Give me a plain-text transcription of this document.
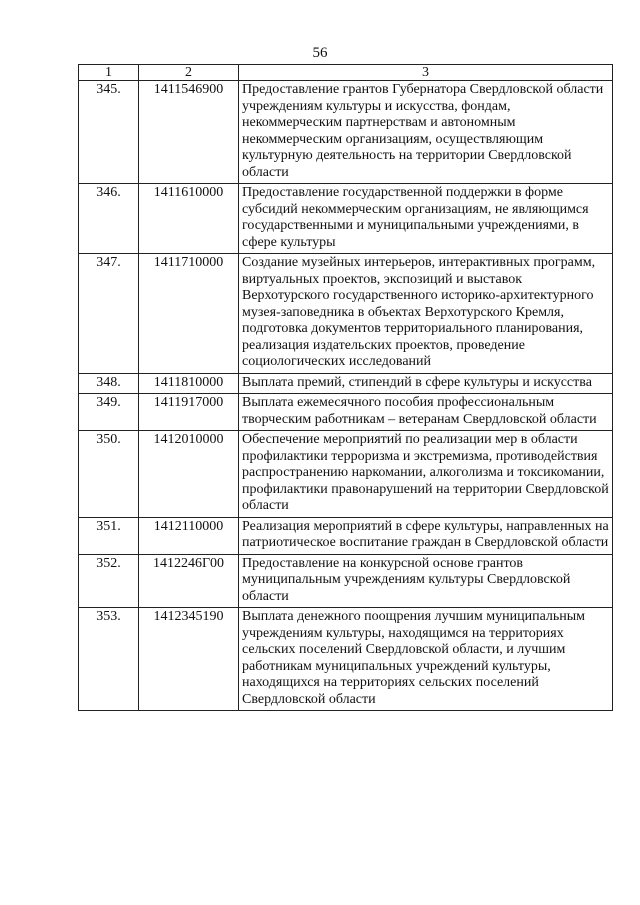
56
1	2	3
345.	1411546900	Предоставление грантов Губернатора Свердловской области учреждениям культуры и искусства, фондам, некоммерческим партнерствам и автономным некоммерческим организациям, осуществляющим культурную деятельность на территории Свердловской области
346.	1411610000	Предоставление государственной поддержки в форме субсидий некоммерческим организациям, не являющимся государственными и муниципальными учреждениями, в сфере культуры
347.	1411710000	Создание музейных интерьеров, интерактивных программ, виртуальных проектов, экспозиций и выставок Верхотурского государственного историко-архитектурного музея-заповедника в объектах Верхотурского Кремля, подготовка документов территориального планирования, реализация издательских проектов, проведение социологических исследований
348.	1411810000	Выплата премий, стипендий в сфере культуры и искусства
349.	1411917000	Выплата ежемесячного пособия профессиональным творческим работникам – ветеранам Свердловской области
350.	1412010000	Обеспечение мероприятий по реализации мер в области профилактики терроризма и экстремизма, противодействия распространению наркомании, алкоголизма и токсикомании, профилактики правонарушений на территории Свердловской области
351.	1412110000	Реализация мероприятий в сфере культуры, направленных на патриотическое воспитание граждан в Свердловской области
352.	1412246Г00	Предоставление на конкурсной основе грантов муниципальным учреждениям культуры Свердловской области
353.	1412345190	Выплата денежного поощрения лучшим муниципальным учреждениям культуры, находящимся на территориях сельских поселений Свердловской области, и лучшим работникам муниципальных учреждений культуры, находящихся на территориях сельских поселений Свердловской области
